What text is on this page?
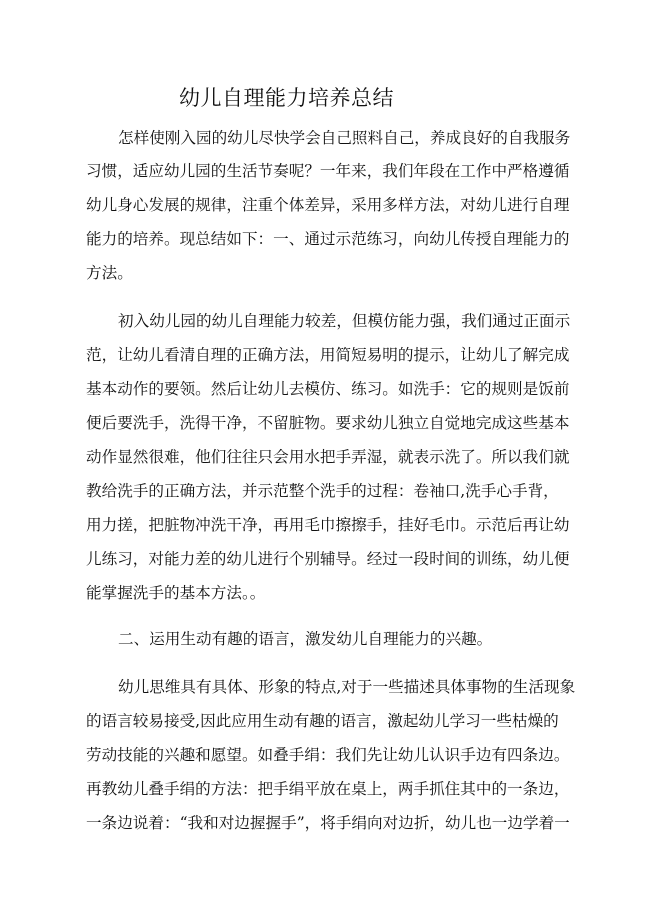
幼儿自理能力培养总结

怎样使刚入园的幼儿尽快学会自己照料自己，养成良好的自我服务

习惯，适应幼儿园的生活节奏呢？一年来，我们年段在工作中严格遵循

幼儿身心发展的规律，注重个体差异，采用多样方法，对幼儿进行自理

能力的培养。现总结如下：一、通过示范练习，向幼儿传授自理能力的

方法。

初入幼儿园的幼儿自理能力较差，但模仿能力强，我们通过正面示

范，让幼儿看清自理的正确方法，用简短易明的提示，让幼儿了解完成

基本动作的要领。然后让幼儿去模仿、练习。如洗手：它的规则是饭前

便后要洗手，洗得干净，不留脏物。要求幼儿独立自觉地完成这些基本

动作显然很难，他们往往只会用水把手弄湿，就表示洗了。所以我们就

教给洗手的正确方法，并示范整个洗手的过程：卷袖口,洗手心手背，

用力搓，把脏物冲洗干净，再用毛巾擦擦手，挂好毛巾。示范后再让幼

儿练习，对能力差的幼儿进行个别辅导。经过一段时间的训练，幼儿便

能掌握洗手的基本方法。。

二、运用生动有趣的语言，激发幼儿自理能力的兴趣。

幼儿思维具有具体、形象的特点,对于一些描述具体事物的生活现象

的语言较易接受,因此应用生动有趣的语言，激起幼儿学习一些枯燥的

劳动技能的兴趣和愿望。如叠手绢：我们先让幼儿认识手边有四条边。

再教幼儿叠手绢的方法：把手绢平放在桌上，两手抓住其中的一条边，

一条边说着：“我和对边握握手”，将手绢向对边折，幼儿也一边学着一
